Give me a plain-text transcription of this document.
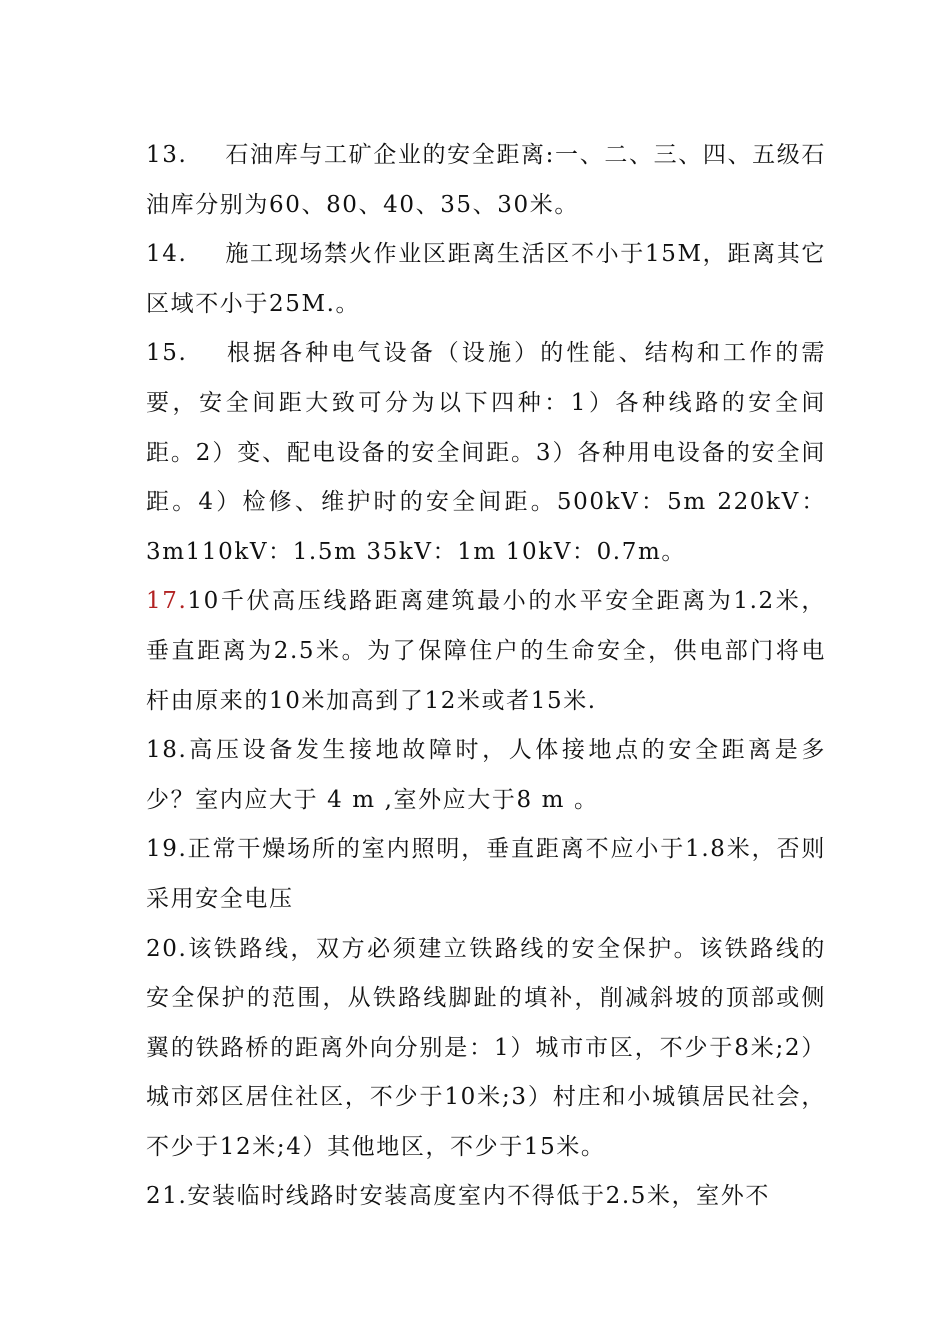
13. 石油库与工矿企业的安全距离:一、二、三、四、五级石油库分别为60、80、40、35、30米。

14. 施工现场禁火作业区距离生活区不小于15M，距离其它区域不小于25M.。

15. 根据各种电气设备（设施）的性能、结构和工作的需要，安全间距大致可分为以下四种：1）各种线路的安全间距。2）变、配电设备的安全间距。3）各种用电设备的安全间距。4）检修、维护时的安全间距。500kV：5m 220kV：3m110kV：1.5m 35kV：1m 10kV：0.7m。

17.10千伏高压线路距离建筑最小的水平安全距离为1.2米，垂直距离为2.5米。为了保障住户的生命安全，供电部门将电杆由原来的10米加高到了12米或者15米.

18.高压设备发生接地故障时，人体接地点的安全距离是多少？室内应大于 4 m ,室外应大于8 m 。

19.正常干燥场所的室内照明，垂直距离不应小于1.8米，否则采用安全电压

20.该铁路线，双方必须建立铁路线的安全保护。该铁路线的安全保护的范围，从铁路线脚趾的填补，削减斜坡的顶部或侧翼的铁路桥的距离外向分别是：1）城市市区，不少于8米;2）城市郊区居住社区，不少于10米;3）村庄和小城镇居民社会，不少于12米;4）其他地区，不少于15米。

21.安装临时线路时安装高度室内不得低于2.5米，室外不
